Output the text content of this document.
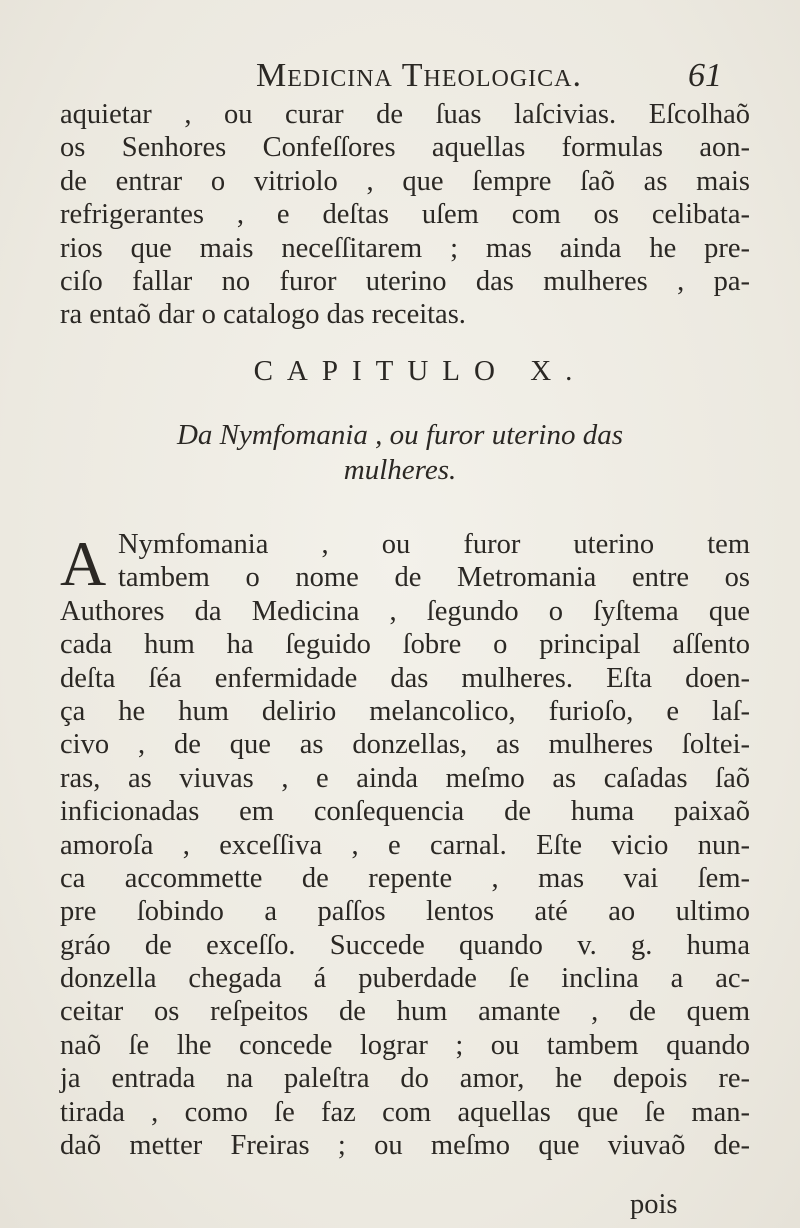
Medicina Theologica.	61
aquietar , ou curar de ſuas laſcivias. Eſcolhaõ
os Senhores Confeſſores aquellas formulas aon-
de entrar o vitriolo , que ſempre ſaõ as mais
refrigerantes , e deſtas uſem com os celibata-
rios que mais neceſſitarem ; mas ainda he pre-
ciſo fallar no furor uterino das mulheres , pa-
ra entaõ dar o catalogo das receitas.
CAPITULO X.
Da Nymfomania , ou furor uterino das
mulheres.
A Nymfomania , ou furor uterino tem
tambem o nome de Metromania entre os
Authores da Medicina , ſegundo o ſyſtema que
cada hum ha ſeguido ſobre o principal aſſento
deſta ſéa enfermidade das mulheres. Eſta doen-
ça he hum delirio melancolico, furioſo, e laſ-
civo , de que as donzellas, as mulheres ſoltei-
ras, as viuvas , e ainda meſmo as caſadas ſaõ
inficionadas em conſequencia de huma paixaõ
amoroſa , exceſſiva , e carnal. Eſte vicio nun-
ca accommette de repente , mas vai ſem-
pre ſobindo a paſſos lentos até ao ultimo
gráo de exceſſo. Succede quando v. g. huma
donzella chegada á puberdade ſe inclina a ac-
ceitar os reſpeitos de hum amante , de quem
naõ ſe lhe concede lograr ; ou tambem quando
ja entrada na paleſtra do amor, he depois re-
tirada , como ſe faz com aquellas que ſe man-
daõ metter Freiras ; ou meſmo que viuvaõ de-
pois
